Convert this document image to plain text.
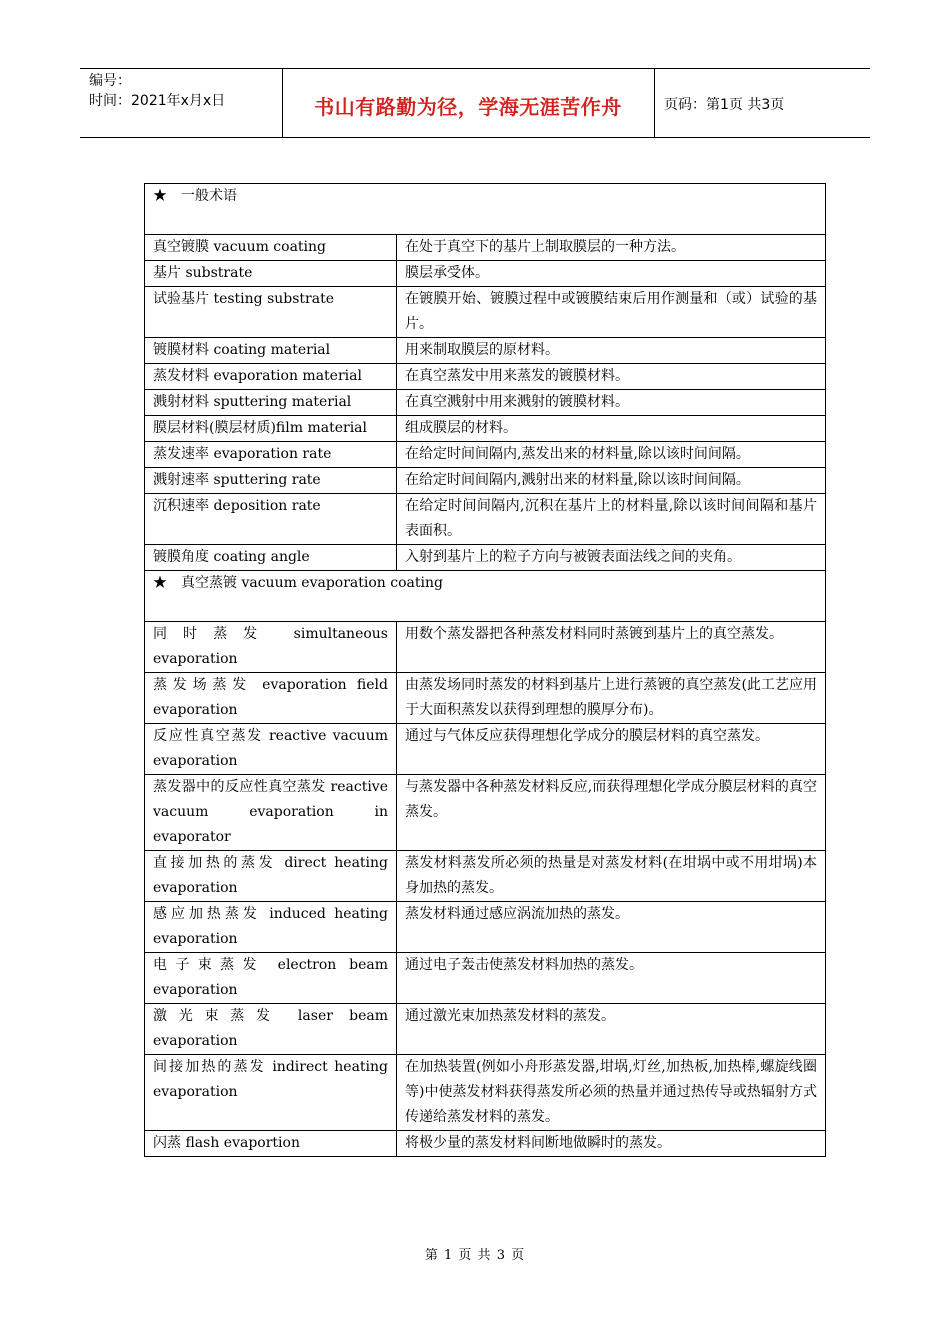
编号：
时间：2021年x月x日	书山有路勤为径，学海无涯苦作舟	页码：第1页 共3页
★　一般术语	
真空镀膜 vacuum coating	在处于真空下的基片上制取膜层的一种方法。
基片 substrate	膜层承受体。
试验基片 testing substrate	在镀膜开始、镀膜过程中或镀膜结束后用作测量和（或）试验的基片。
镀膜材料 coating material	用来制取膜层的原材料。
蒸发材料 evaporation material	在真空蒸发中用来蒸发的镀膜材料。
溅射材料 sputtering material	在真空溅射中用来溅射的镀膜材料。
膜层材料(膜层材质)film material	组成膜层的材料。
蒸发速率 evaporation rate	在给定时间间隔内,蒸发出来的材料量,除以该时间间隔。
溅射速率 sputtering rate	在给定时间间隔内,溅射出来的材料量,除以该时间间隔。
沉积速率 deposition rate	在给定时间间隔内,沉积在基片上的材料量,除以该时间间隔和基片表面积。
镀膜角度 coating angle	入射到基片上的粒子方向与被镀表面法线之间的夹角。
★　真空蒸镀 vacuum evaporation coating	
同时蒸发 simultaneous evaporation	用数个蒸发器把各种蒸发材料同时蒸镀到基片上的真空蒸发。
蒸发场蒸发 evaporation field evaporation	由蒸发场同时蒸发的材料到基片上进行蒸镀的真空蒸发(此工艺应用于大面积蒸发以获得到理想的膜厚分布)。
反应性真空蒸发 reactive vacuum evaporation	通过与气体反应获得理想化学成分的膜层材料的真空蒸发。
蒸发器中的反应性真空蒸发 reactive vacuum evaporation in evaporator	与蒸发器中各种蒸发材料反应,而获得理想化学成分膜层材料的真空蒸发。
直接加热的蒸发 direct heating evaporation	蒸发材料蒸发所必须的热量是对蒸发材料(在坩埚中或不用坩埚)本身加热的蒸发。
感应加热蒸发 induced heating evaporation	蒸发材料通过感应涡流加热的蒸发。
电子束蒸发 electron beam evaporation	通过电子轰击使蒸发材料加热的蒸发。
激光束蒸发 laser beam evaporation	通过激光束加热蒸发材料的蒸发。
间接加热的蒸发 indirect heating evaporation	在加热装置(例如小舟形蒸发器,坩埚,灯丝,加热板,加热棒,螺旋线圈等)中使蒸发材料获得蒸发所必须的热量并通过热传导或热辐射方式传递给蒸发材料的蒸发。
闪蒸 flash evaportion	将极少量的蒸发材料间断地做瞬时的蒸发。
第 1 页 共 3 页
